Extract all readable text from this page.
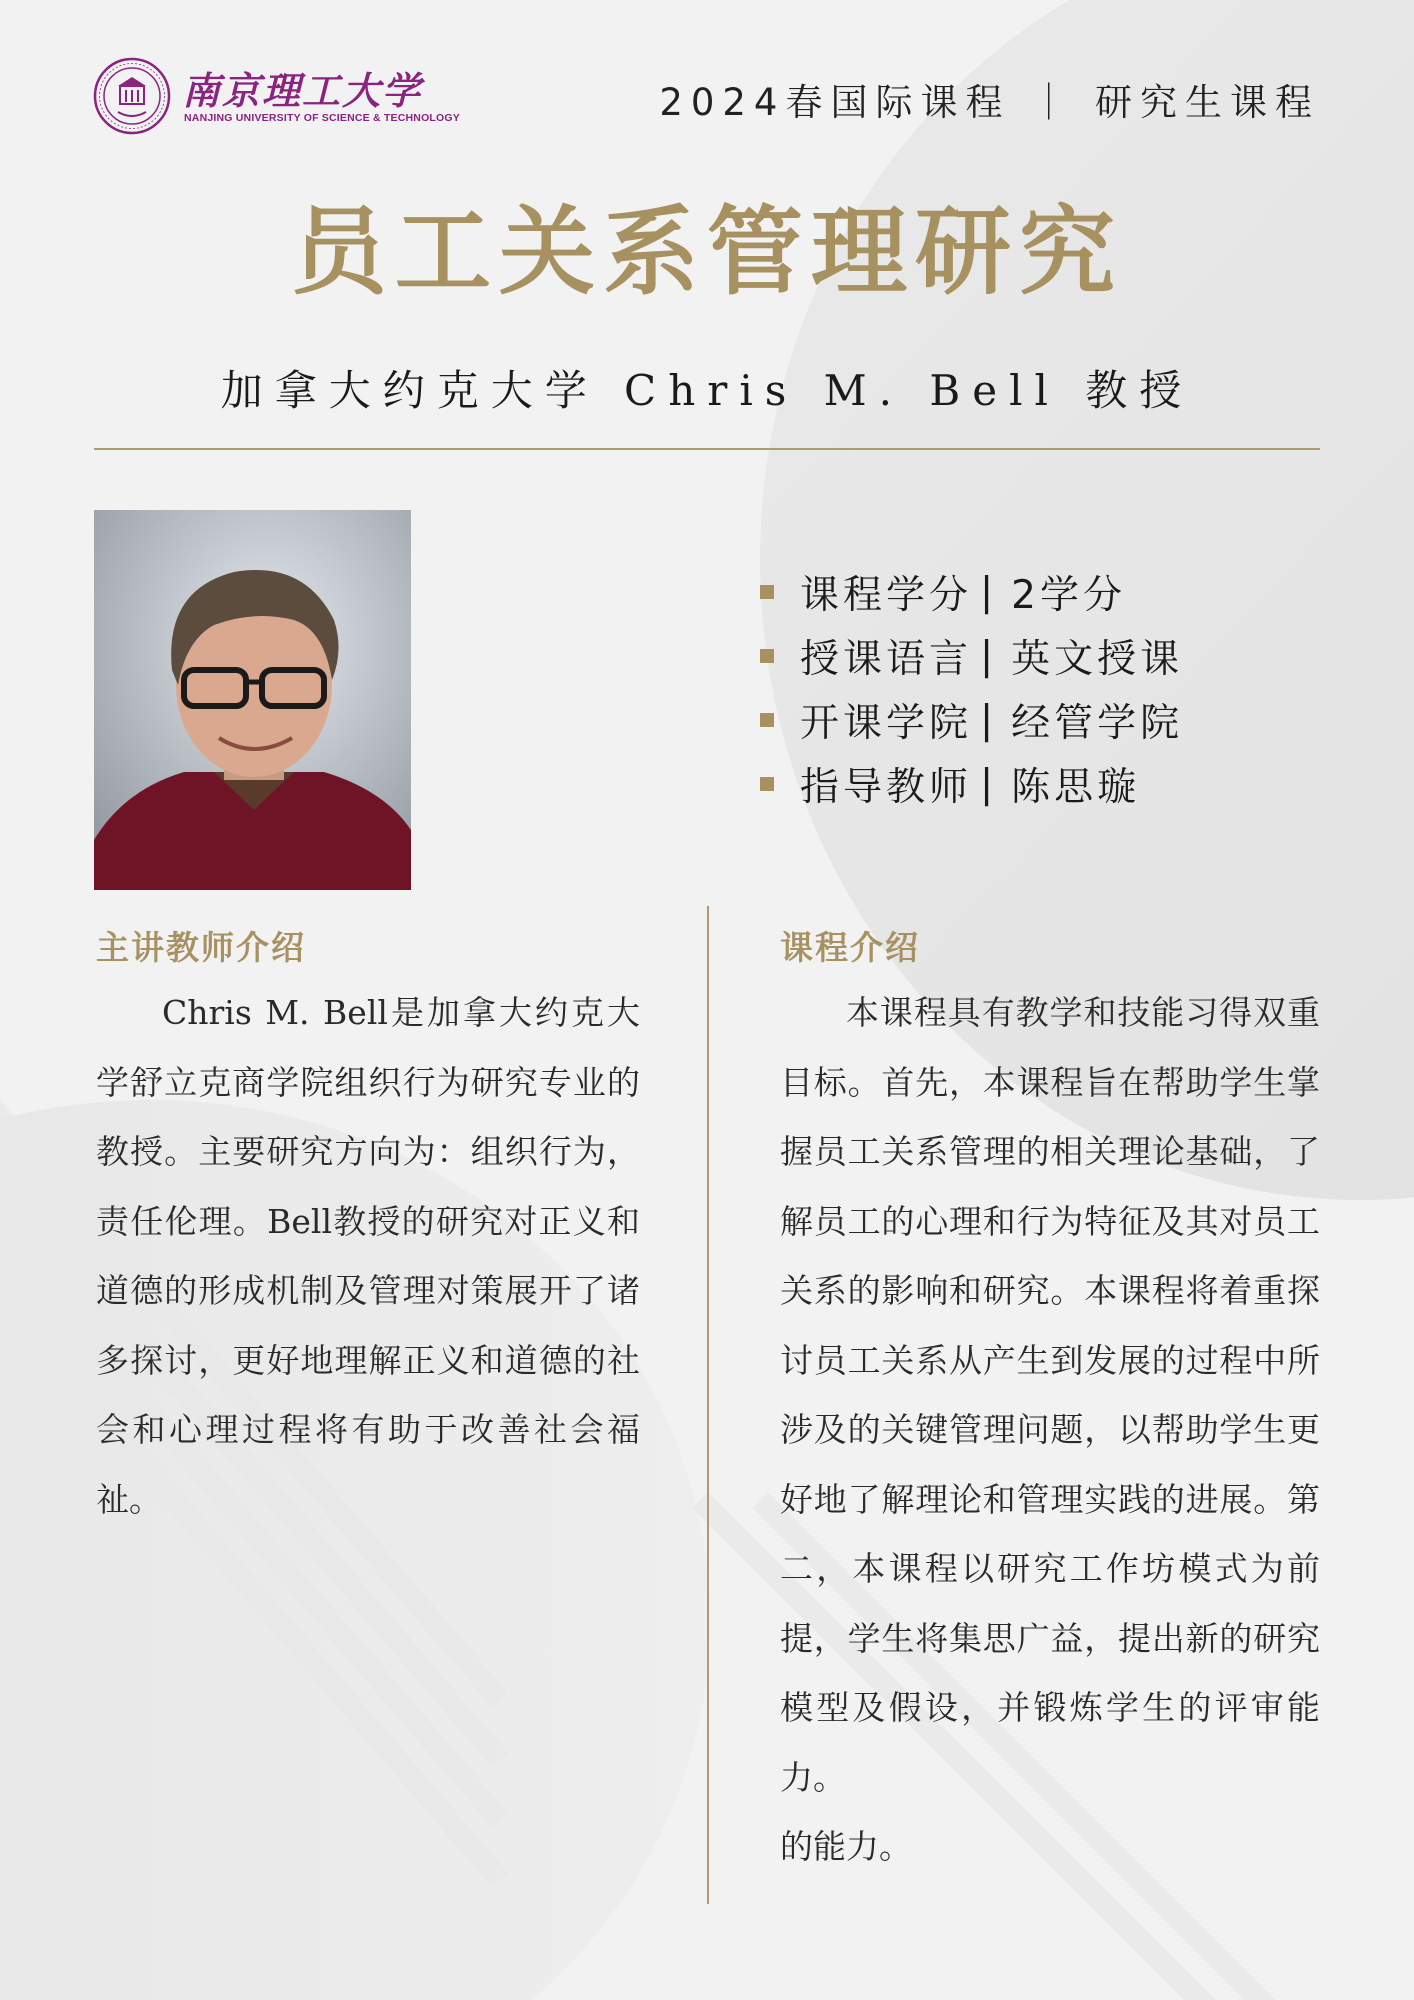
南京理工大学
NANJING UNIVERSITY OF SCIENCE & TECHNOLOGY	2024春国际课程 ｜ 研究生课程
员工关系管理研究
加拿大约克大学 Chris M. Bell 教授
课程学分 | 2学分
授课语言 | 英文授课
开课学院 | 经管学院
指导教师 | 陈思璇
主讲教师介绍

Chris M. Bell是加拿大约克大学舒立克商学院组织行为研究专业的教授。主要研究方向为：组织行为，责任伦理。Bell教授的研究对正义和道德的形成机制及管理对策展开了诸多探讨，更好地理解正义和道德的社会和心理过程将有助于改善社会福祉。

课程介绍

本课程具有教学和技能习得双重目标。首先，本课程旨在帮助学生掌握员工关系管理的相关理论基础，了解员工的心理和行为特征及其对员工关系的影响和研究。本课程将着重探讨员工关系从产生到发展的过程中所涉及的关键管理问题，以帮助学生更好地了解理论和管理实践的进展。第二，本课程以研究工作坊模式为前提，学生将集思广益，提出新的研究模型及假设，并锻炼学生的评审能力。

的能力。
